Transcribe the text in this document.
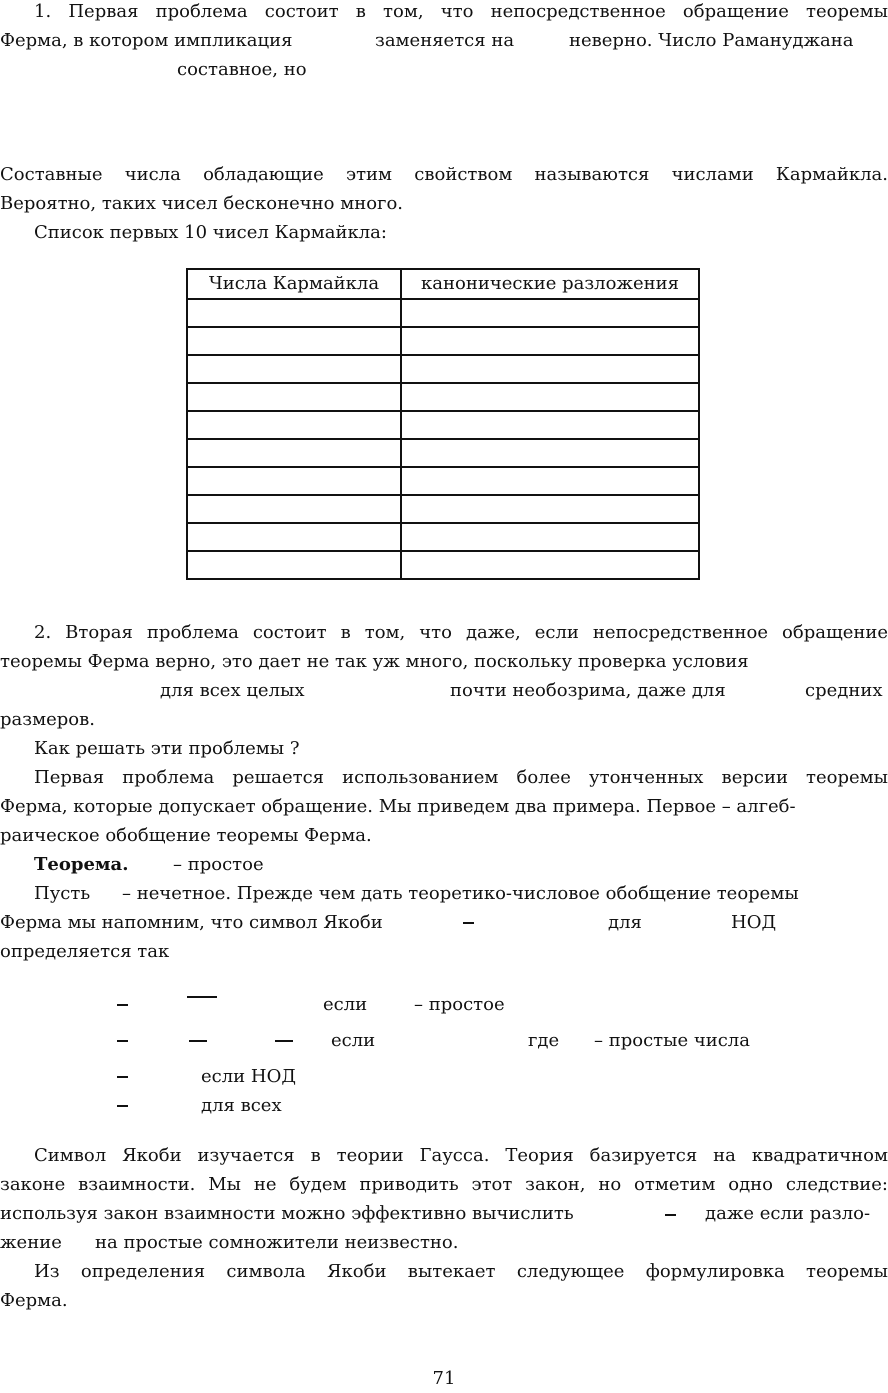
1. Первая проблема состоит в том, что непосредственное обращение теоремы
Ферма, в котором импликация	заменяется на	неверно. Число Рамануджана
составное, но
Составные числа обладающие этим свойством называются числами Кармайкла.
Вероятно, таких чисел бесконечно много.
Список первых 10 чисел Кармайкла:
Числа Кармайкла	канонические разложения

2. Вторая проблема состоит в том, что даже, если непосредственное обращение
теоремы Ферма верно, это дает не так уж много, поскольку проверка условия
для всех целых	почти необозрима, даже для	средних
размеров.
Как решать эти проблемы ?
Первая проблема решается использованием более утонченных версии теоремы
Ферма, которые допускает обращение. Мы приведем два примера. Первое – алгеб-
раическое обобщение теоремы Ферма.
Теорема. – простое
Пусть – нечетное. Прежде чем дать теоретико-числовое обобщение теоремы
Ферма мы напомним, что символ Якоби	для	НОД
определяется так
если	– простое
если	где – простые числа
если НОД
для всех
Символ Якоби изучается в теории Гаусса. Теория базируется на квадратичном
законе взаимности. Мы не будем приводить этот закон, но отметим одно следствие:
используя закон взаимности можно эффективно вычислить	даже если разло-
жение на простые сомножители неизвестно.
Из определения символа Якоби вытекает следующее формулировка теоремы
Ферма.
71
